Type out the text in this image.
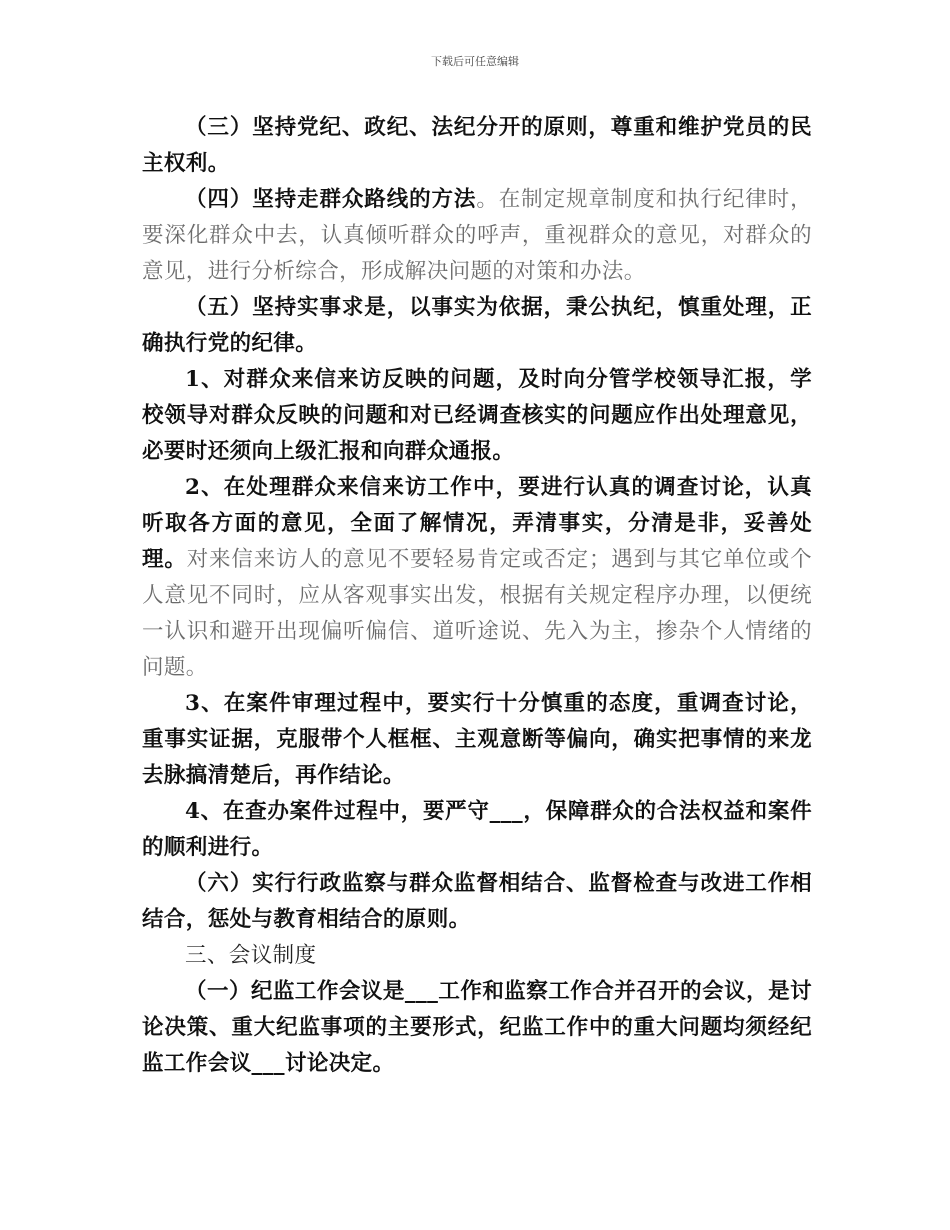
下载后可任意编辑

（三）坚持党纪、政纪、法纪分开的原则，尊重和维护党员的民主权利。

（四）坚持走群众路线的方法。在制定规章制度和执行纪律时，要深化群众中去，认真倾听群众的呼声，重视群众的意见，对群众的意见，进行分析综合，形成解决问题的对策和办法。

（五）坚持实事求是，以事实为依据，秉公执纪，慎重处理，正确执行党的纪律。

1、对群众来信来访反映的问题，及时向分管学校领导汇报，学校领导对群众反映的问题和对已经调查核实的问题应作出处理意见，必要时还须向上级汇报和向群众通报。

2、在处理群众来信来访工作中，要进行认真的调查讨论，认真听取各方面的意见，全面了解情况，弄清事实，分清是非，妥善处理。对来信来访人的意见不要轻易肯定或否定；遇到与其它单位或个人意见不同时，应从客观事实出发，根据有关规定程序办理，以便统一认识和避开出现偏听偏信、道听途说、先入为主，掺杂个人情绪的问题。

3、在案件审理过程中，要实行十分慎重的态度，重调查讨论，重事实证据，克服带个人框框、主观意断等偏向，确实把事情的来龙去脉搞清楚后，再作结论。

4、在查办案件过程中，要严守___，保障群众的合法权益和案件的顺利进行。

（六）实行行政监察与群众监督相结合、监督检查与改进工作相结合，惩处与教育相结合的原则。

三、会议制度

（一）纪监工作会议是___工作和监察工作合并召开的会议，是讨论决策、重大纪监事项的主要形式，纪监工作中的重大问题均须经纪监工作会议___讨论决定。
